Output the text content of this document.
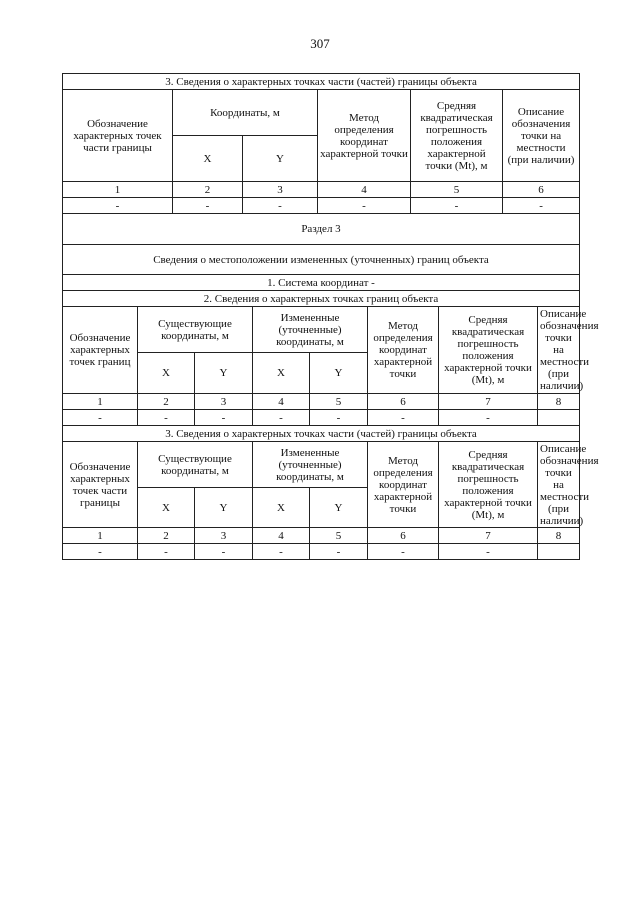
307
3. Сведения о характерных точках части (частей) границы объекта					
Обозначение характерных точек части границы	Координаты, м		Метод определения координат характерной точки	Средняя квадратическая погрешность положения характерной точки (Mt), м	Описание обозначения точки на местности (при наличии)
	X	Y			
1	2	3	4	5	6
-	-	-	-	-	-
Раздел 3							
Сведения о местоположении измененных (уточненных) границ объекта							
1. Система координат -							
2. Сведения о характерных точках границ объекта							
Обозначение характерных точек границ	Существующие координаты, м		Измененные (уточненные) координаты, м		Метод определения координат характерной точки	Средняя квадратическая погрешность положения характерной точки (Mt), м	Описание обозначения точки на местности (при наличии)
	X	Y	X	Y			
1	2	3	4	5	6	7	8
-	-	-	-	-	-	-	
3. Сведения о характерных точках части (частей) границы объекта							
Обозначение характерных точек части границы	Существующие координаты, м		Измененные (уточненные) координаты, м		Метод определения координат характерной точки	Средняя квадратическая погрешность положения характерной точки (Mt), м	Описание обозначения точки на местности (при наличии)
	X	Y	X	Y			
1	2	3	4	5	6	7	8
-	-	-	-	-	-	-	
